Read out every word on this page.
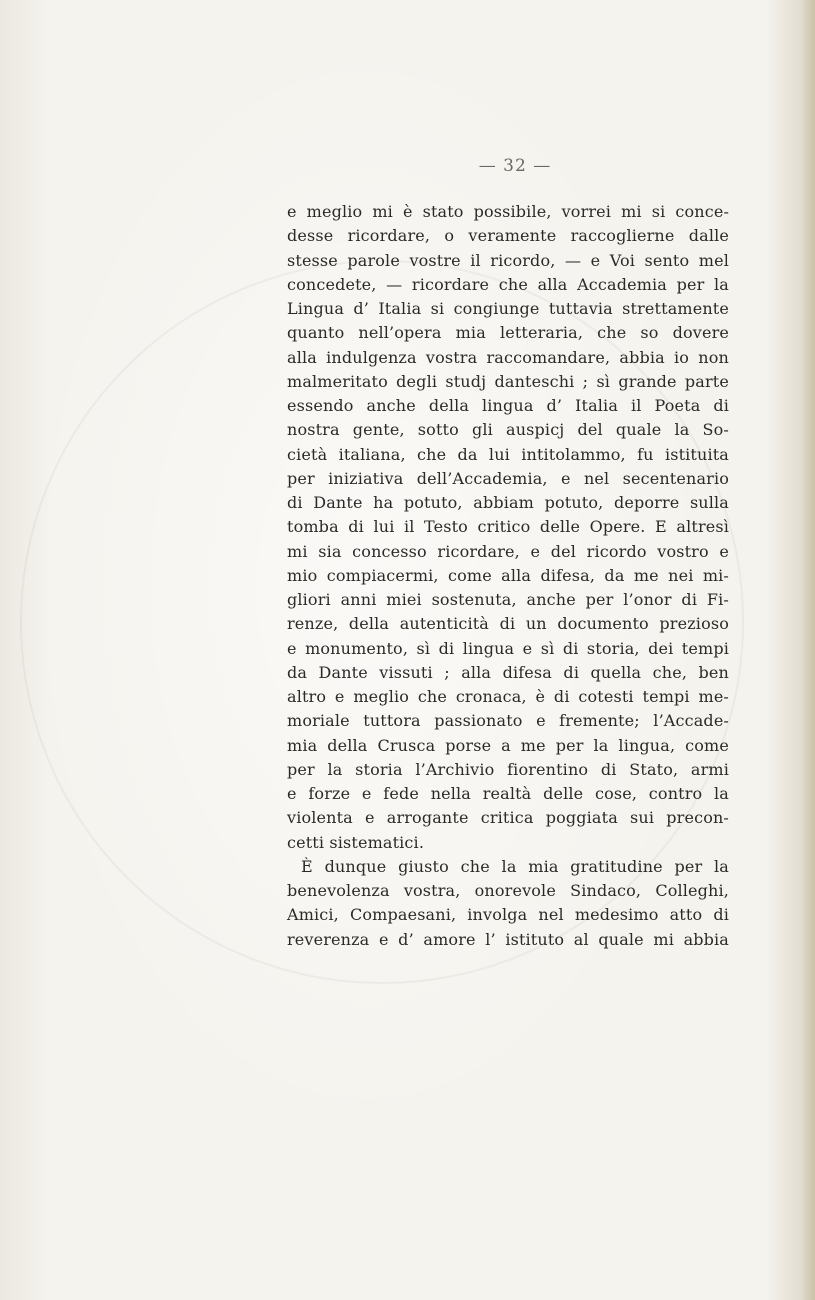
— 32 —
e meglio mi è stato possibile, vorrei mi si conce-
desse ricordare, o veramente raccoglierne dalle
stesse parole vostre il ricordo, — e Voi sento mel
concedete, — ricordare che alla Accademia per la
Lingua d’ Italia si congiunge tuttavia strettamente
quanto nell’opera mia letteraria, che so dovere
alla indulgenza vostra raccomandare, abbia io non
malmeritato degli studj danteschi ; sì grande parte
essendo anche della lingua d’ Italia il Poeta di
nostra gente, sotto gli auspicj del quale la So-
cietà italiana, che da lui intitolammo, fu istituita
per iniziativa dell’Accademia, e nel secentenario
di Dante ha potuto, abbiam potuto, deporre sulla
tomba di lui il Testo critico delle Opere. E altresì
mi sia concesso ricordare, e del ricordo vostro e
mio compiacermi, come alla difesa, da me nei mi-
gliori anni miei sostenuta, anche per l’onor di Fi-
renze, della autenticità di un documento prezioso
e monumento, sì di lingua e sì di storia, dei tempi
da Dante vissuti ; alla difesa di quella che, ben
altro e meglio che cronaca, è di cotesti tempi me-
moriale tuttora passionato e fremente; l’Accade-
mia della Crusca porse a me per la lingua, come
per la storia l’Archivio fiorentino di Stato, armi
e forze e fede nella realtà delle cose, contro la
violenta e arrogante critica poggiata sui precon-
cetti sistematici.
È dunque giusto che la mia gratitudine per la
benevolenza vostra, onorevole Sindaco, Colleghi,
Amici, Compaesani, involga nel medesimo atto di
reverenza e d’ amore l’ istituto al quale mi abbia
